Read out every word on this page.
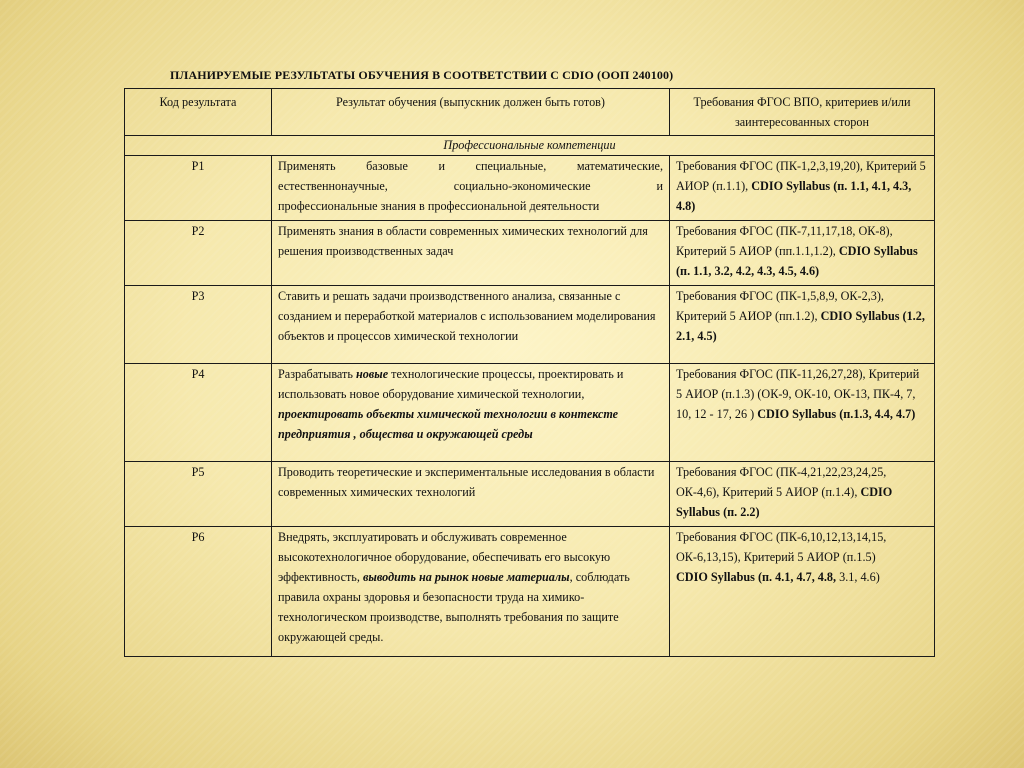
ПЛАНИРУЕМЫЕ РЕЗУЛЬТАТЫ ОБУЧЕНИЯ В СООТВЕТСТВИИ С CDIO (ООП 240100)
Код результата	Результат обучения (выпускник должен быть готов)	Требования ФГОС ВПО, критериев и/или заинтересованных сторон
Профессиональные компетенции		
Р1	Применять базовые и специальные, математические,
естественнонаучные, социально-экономические и
профессиональные знания в профессиональной деятельности	Требования ФГОС (ПК-1,2,3,19,20), Критерий 5 АИОР (п.1.1), CDIO Syllabus (п. 1.1, 4.1, 4.3, 4.8)
Р2	Применять знания в области современных химических технологий для решения производственных задач	Требования ФГОС (ПК-7,11,17,18, ОК-8), Критерий 5 АИОР (пп.1.1,1.2), CDIO Syllabus (п. 1.1, 3.2, 4.2, 4.3, 4.5, 4.6)
Р3	Ставить и решать задачи производственного анализа, связанные с созданием и переработкой материалов с использованием моделирования объектов и процессов химической технологии	Требования ФГОС (ПК-1,5,8,9, ОК-2,3), Критерий 5 АИОР (пп.1.2), CDIO Syllabus (1.2, 2.1, 4.5)
Р4	Разрабатывать новые технологические процессы, проектировать и использовать новое оборудование химической технологии, проектировать объекты химической технологии в контексте предприятия , общества и окружающей среды	Требования ФГОС (ПК-11,26,27,28), Критерий 5 АИОР (п.1.3) (ОК-9, ОК-10, ОК-13, ПК-4, 7, 10, 12 - 17, 26 ) CDIO Syllabus (п.1.3, 4.4, 4.7)
Р5	Проводить теоретические и экспериментальные исследования в области современных химических технологий	Требования ФГОС (ПК-4,21,22,23,24,25, ОК-4,6), Критерий 5 АИОР (п.1.4), CDIO Syllabus (п. 2.2)
Р6	Внедрять, эксплуатировать и обслуживать современное высокотехнологичное оборудование, обеспечивать его высокую эффективность, выводить на рынок новые материалы, соблюдать правила охраны здоровья и безопасности труда на химико-технологическом производстве, выполнять требования по защите окружающей среды.	Требования ФГОС (ПК-6,10,12,13,14,15, ОК-6,13,15), Критерий 5 АИОР (п.1.5)
CDIO Syllabus (п. 4.1, 4.7, 4.8, 3.1, 4.6)
